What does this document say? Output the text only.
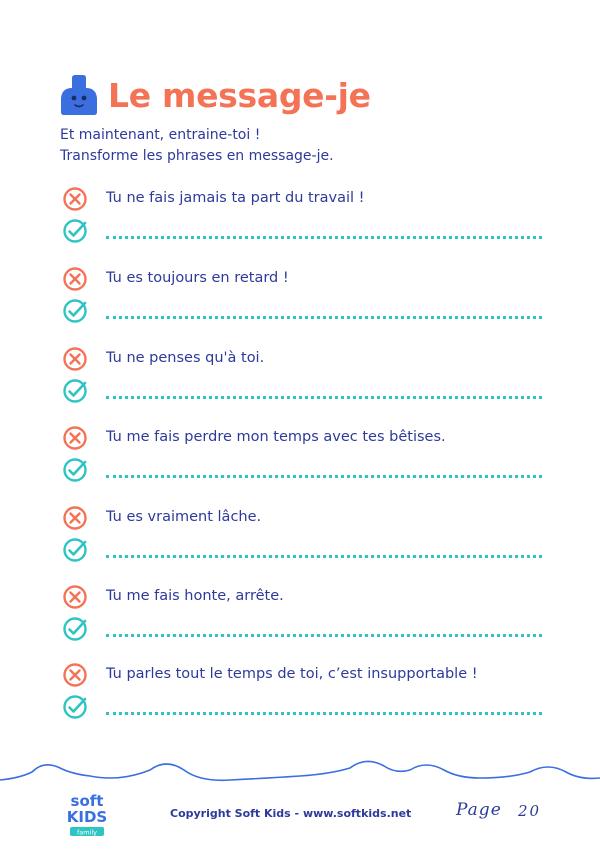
Le message-je
Et maintenant, entraine-toi !
Transforme les phrases en message-je.
Tu ne fais jamais ta part du travail !
Tu es toujours en retard !
Tu ne penses qu'à toi.
Tu me fais perdre mon temps avec tes bêtises.
Tu es vraiment lâche.
Tu me fais honte, arrête.
Tu parles tout le temps de toi, c’est insupportable !
soft
KIDS
family
Copyright Soft Kids - www.softkids.net	Page 20
